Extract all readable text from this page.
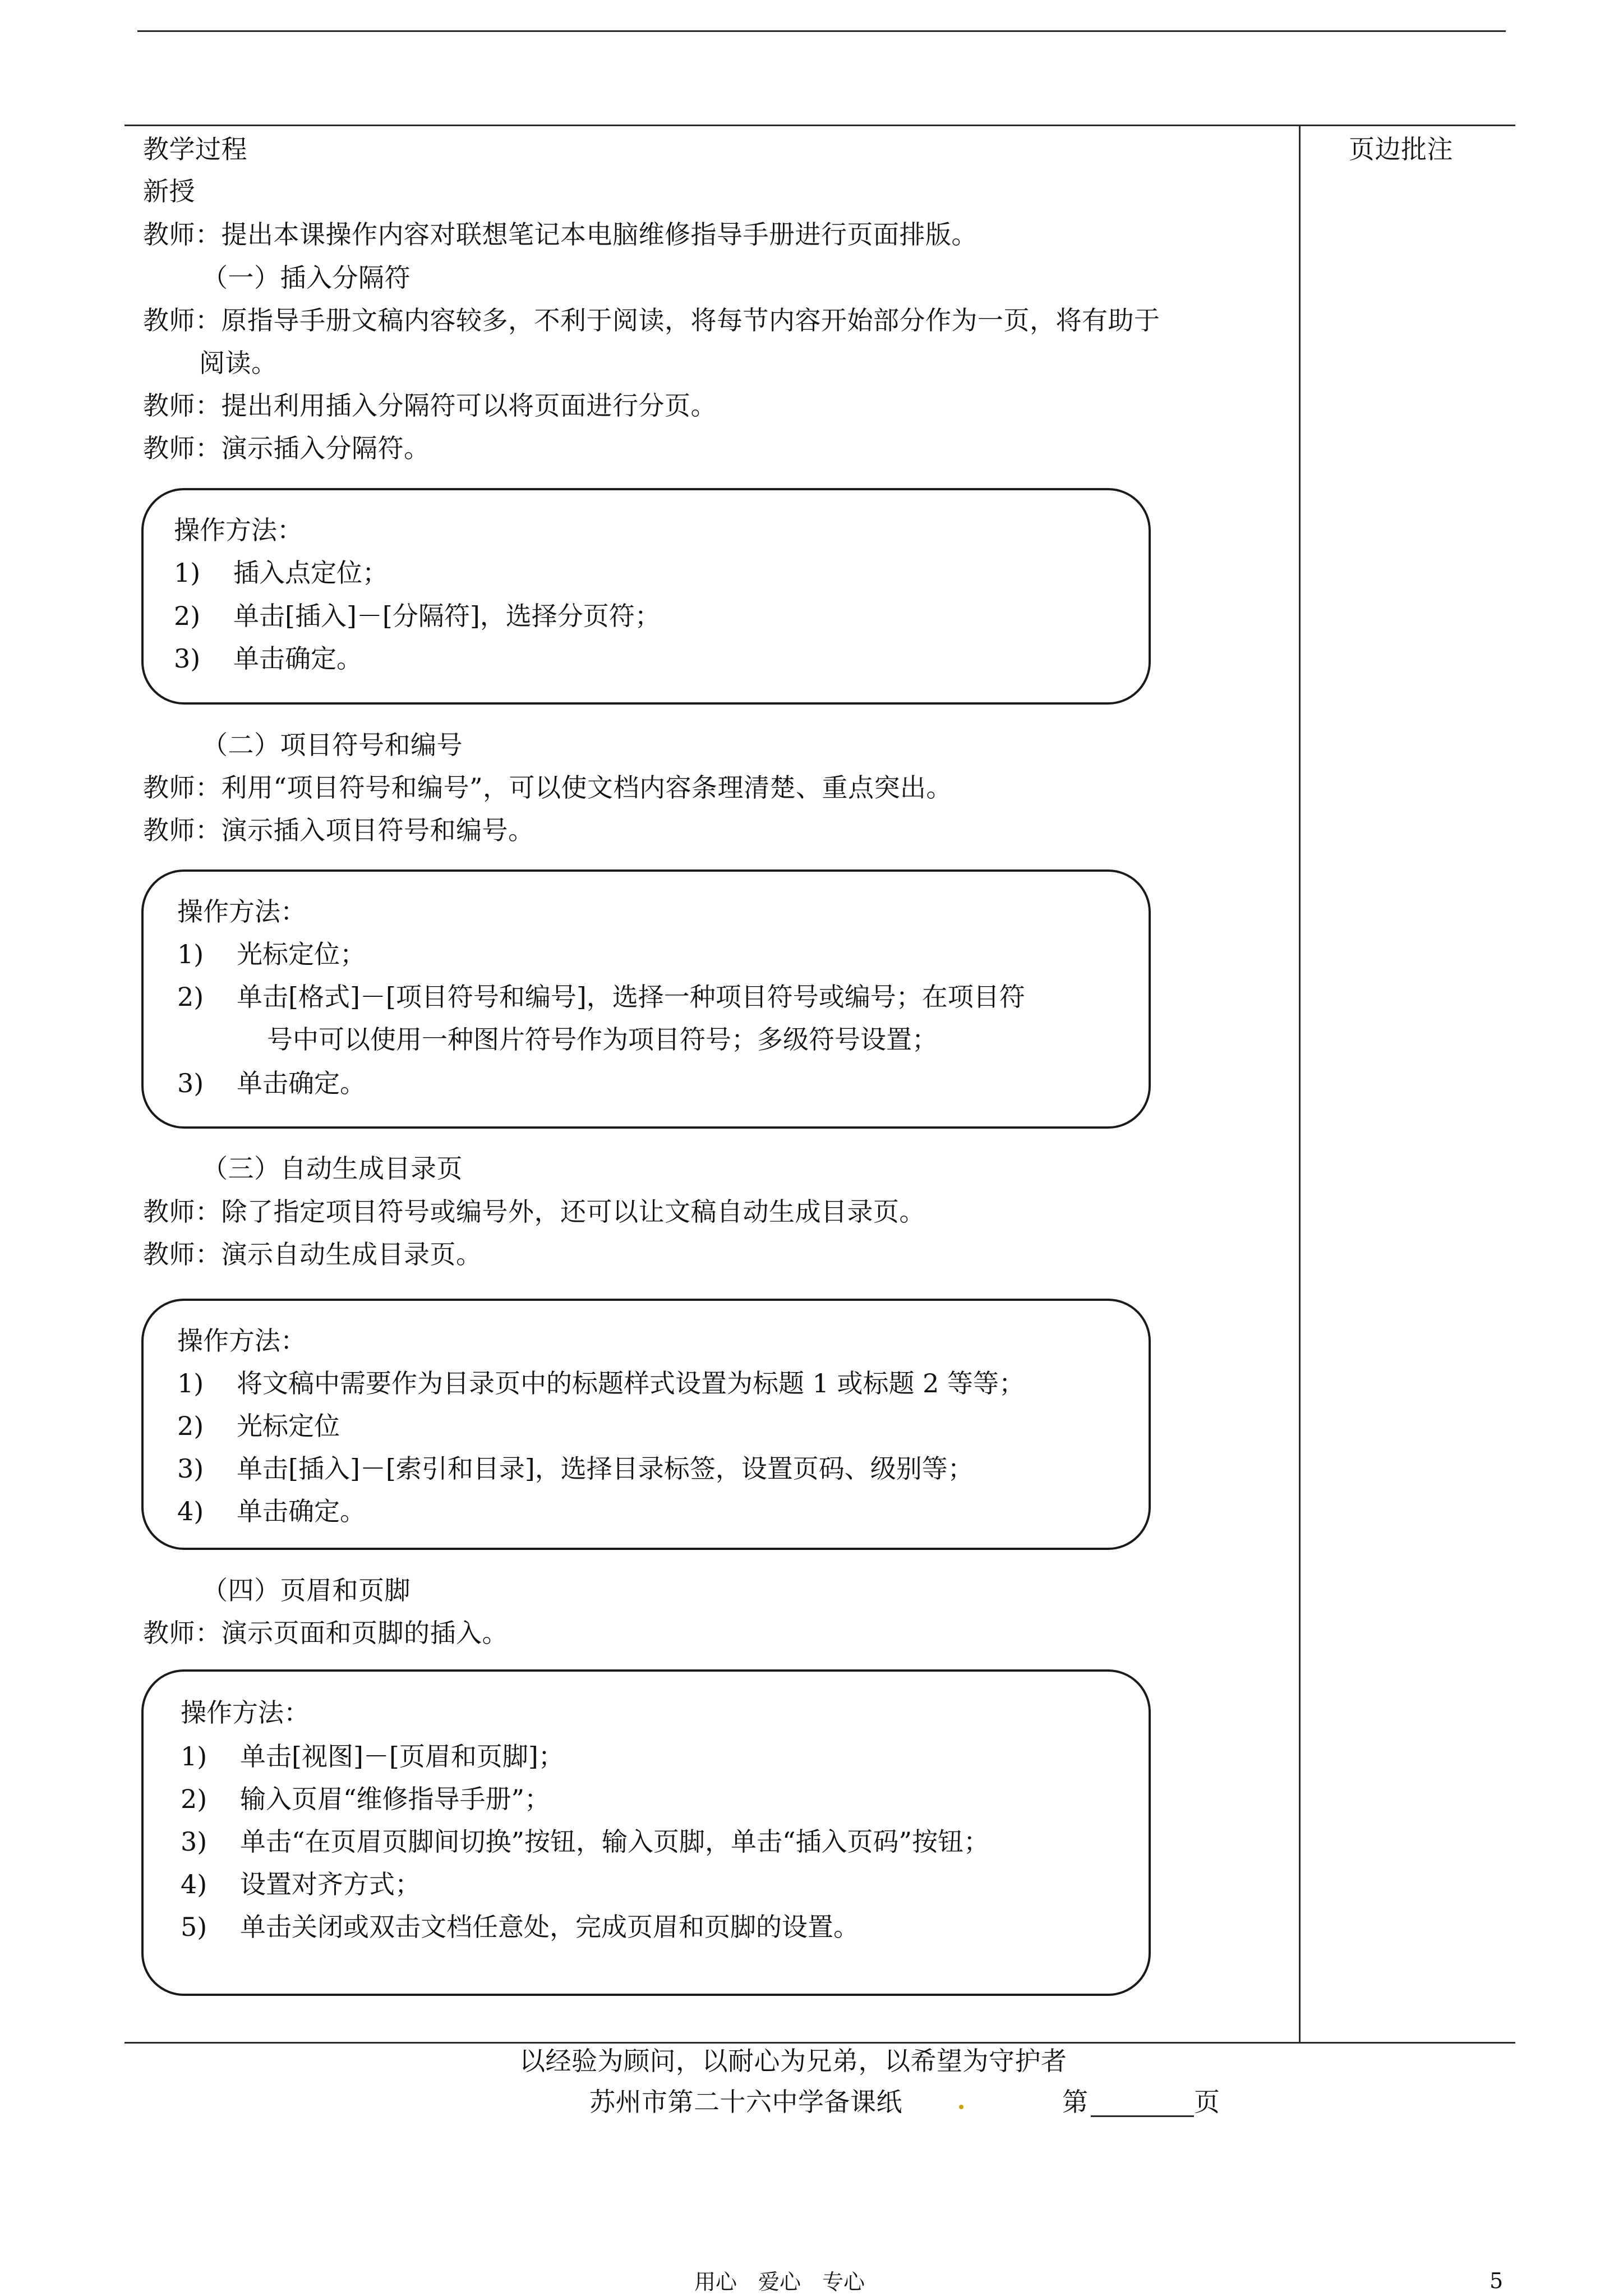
教学过程	页边批注
新授
教师：提出本课操作内容对联想笔记本电脑维修指导手册进行页面排版。
（一）插入分隔符
教师：原指导手册文稿内容较多，不利于阅读，将每节内容开始部分作为一页，将有助于
阅读。
教师：提出利用插入分隔符可以将页面进行分页。
教师：演示插入分隔符。
操作方法：
1)	插入点定位；
2)	单击[插入]－[分隔符]，选择分页符；
3)	单击确定。
（二）项目符号和编号
教师：利用“项目符号和编号”，可以使文档内容条理清楚、重点突出。
教师：演示插入项目符号和编号。
操作方法：
1)	光标定位；
2)	单击[格式]－[项目符号和编号]，选择一种项目符号或编号；在项目符
号中可以使用一种图片符号作为项目符号；多级符号设置；
3)	单击确定。
（三）自动生成目录页
教师：除了指定项目符号或编号外，还可以让文稿自动生成目录页。
教师：演示自动生成目录页。
操作方法：
1)	将文稿中需要作为目录页中的标题样式设置为标题 1 或标题 2 等等；
2)	光标定位
3)	单击[插入]－[索引和目录]，选择目录标签，设置页码、级别等；
4)	单击确定。
（四）页眉和页脚
教师：演示页面和页脚的插入。
操作方法：
1)	单击[视图]－[页眉和页脚]；
2)	输入页眉“维修指导手册”；
3)	单击“在页眉页脚间切换”按钮，输入页脚，单击“插入页码”按钮；
4)	设置对齐方式；
5)	单击关闭或双击文档任意处，完成页眉和页脚的设置。
以经验为顾问，以耐心为兄弟，以希望为守护者
苏州市第二十六中学备课纸	第	页
用心　爱心　专心	5
